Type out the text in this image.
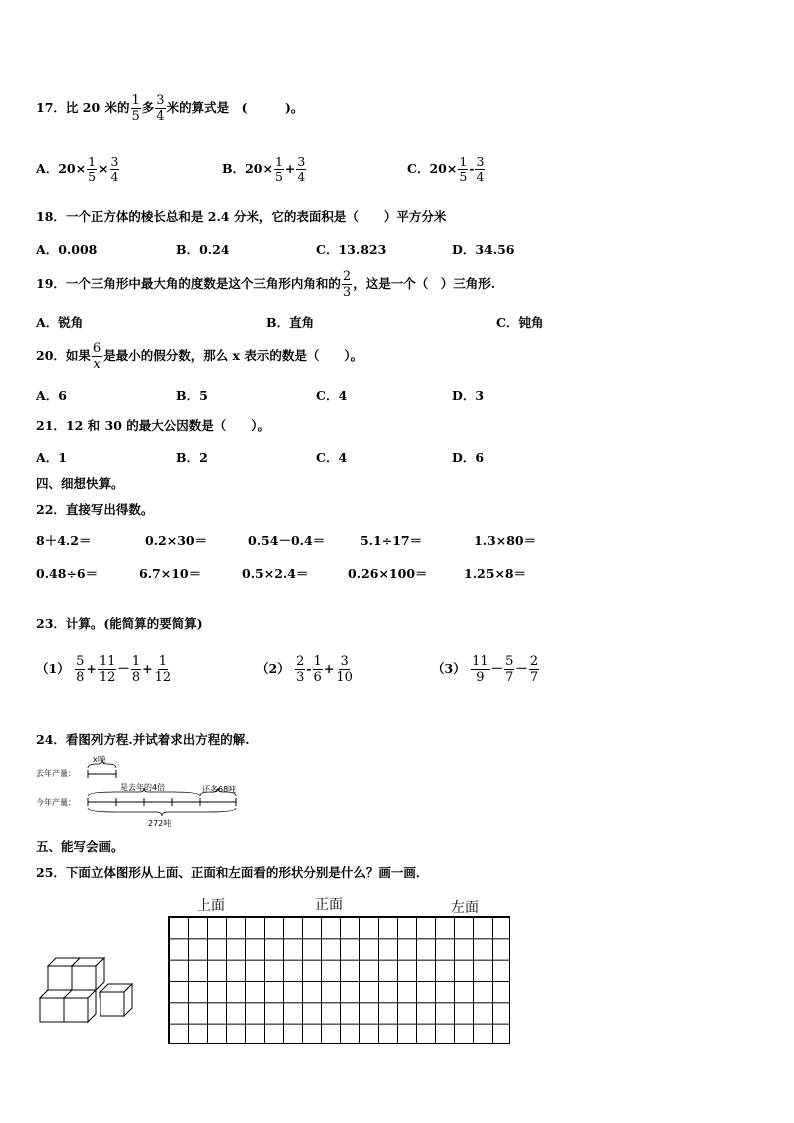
17．比 20 米的 $\frac{1}{5}$ 多 $\frac{3}{4}$ 米的算式是　(　　　)。
A．$20\times \frac{1}{5} \times \frac{3}{4}$	B．$20\times \frac{1}{5} + \frac{3}{4}$	C．$20\times \frac{1}{5} - \frac{3}{4}$
18．一个正方体的棱长总和是 2.4 分米，它的表面积是（　　）平方分米
A．0.008	B．0.24	C．13.823	D．34.56
19．一个三角形中最大角的度数是这个三角形内角和的 $\frac{2}{3}$ ，这是一个（　）三角形.
A．锐角	B．直角	C．钝角
20．如果 $\frac{6}{x}$ 是最小的假分数，那么 x 表示的数是（　　）。
A．6	B．5	C．4	D．3
21．12 和 30 的最大公因数是（　　）。
A．1	B．2	C．4	D．6
四、细想快算。
22．直接写出得数。
8＋4.2＝	0.2×30＝	0.54－0.4＝	5.1÷17＝	1.3×80＝
0.48÷6＝	6.7×10＝	0.5×2.4＝	0.26×100＝	1.25×8＝
23．计算。(能简算的要简算)
$(1) \frac{5}{8} + \frac{11}{12} - \frac{1}{8} + \frac{1}{12}$	$(2) \frac{2}{3} - \frac{1}{6} + \frac{3}{10}$	$(3) \frac{11}{9} - \frac{5}{7} - \frac{2}{7}$
24．看图列方程.并试着求出方程的解.
去年产量：
x吨
今年产量：
是去年的4倍	还多68吨
272吨
五、能写会画。
25．下面立体图形从上面、正面和左面看的形状分别是什么？画一画．
上面	正面	左面
